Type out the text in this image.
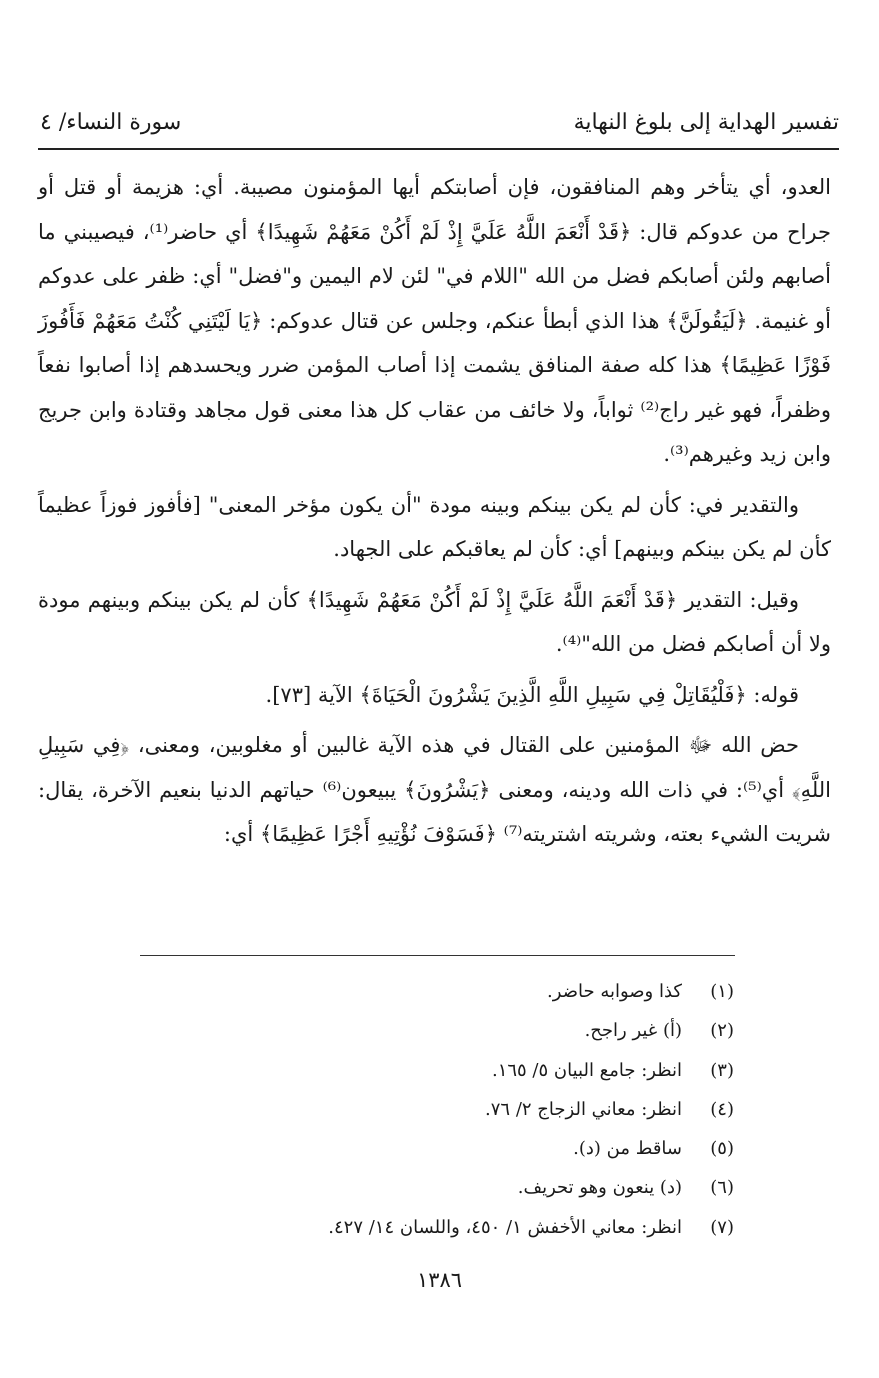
تفسير الهداية إلى بلوغ النهاية
سورة النساء/ ٤

العدو، أي يتأخر وهم المنافقون، فإن أصابتكم أيها المؤمنون مصيبة. أي: هزيمة أو قتل أو جراح من عدوكم قال: ﴿قَدْ أَنْعَمَ اللَّهُ عَلَيَّ إِذْ لَمْ أَكُنْ مَعَهُمْ شَهِيدًا﴾ أي حاضر⁽¹⁾، فيصيبني ما أصابهم ولئن أصابكم فضل من الله "اللام في" لئن لام اليمين و"فضل" أي: ظفر على عدوكم أو غنيمة. ﴿لَيَقُولَنَّ﴾ هذا الذي أبطأ عنكم، وجلس عن قتال عدوكم: ﴿يَا لَيْتَنِي كُنْتُ مَعَهُمْ فَأَفُوزَ فَوْزًا عَظِيمًا﴾ هذا كله صفة المنافق يشمت إذا أصاب المؤمن ضرر ويحسدهم إذا أصابوا نفعاً وظفراً، فهو غير راج⁽²⁾ ثواباً، ولا خائف من عقاب كل هذا معنى قول مجاهد وقتادة وابن جريج وابن زيد وغيرهم⁽³⁾.

والتقدير في: كأن لم يكن بينكم وبينه مودة "أن يكون مؤخر المعنى" [فأفوز فوزاً عظيماً كأن لم يكن بينكم وبينهم] أي: كأن لم يعاقبكم على الجهاد.

وقيل: التقدير ﴿قَدْ أَنْعَمَ اللَّهُ عَلَيَّ إِذْ لَمْ أَكُنْ مَعَهُمْ شَهِيدًا﴾ كأن لم يكن بينكم وبينهم مودة ولا أن أصابكم فضل من الله"⁽⁴⁾.

قوله: ﴿فَلْيُقَاتِلْ فِي سَبِيلِ اللَّهِ الَّذِينَ يَشْرُونَ الْحَيَاةَ﴾ الآية [٧٣].

حض الله ﷻ المؤمنين على القتال في هذه الآية غالبين أو مغلوبين، ومعنى، ﴿فِي سَبِيلِ اللَّهِ﴾ أي⁽⁵⁾: في ذات الله ودينه، ومعنى ﴿يَشْرُونَ﴾ يبيعون⁽⁶⁾ حياتهم الدنيا بنعيم الآخرة، يقال: شريت الشيء بعته، وشريته اشتريته⁽⁷⁾ ﴿فَسَوْفَ نُؤْتِيهِ أَجْرًا عَظِيمًا﴾ أي:

(١)
كذا وصوابه حاضر.
(٢)
(أ) غير راجح.
(٣)
انظر: جامع البيان ٥/ ١٦٥.
(٤)
انظر: معاني الزجاج ٢/ ٧٦.
(٥)
ساقط من (د).
(٦)
(د) ينعون وهو تحريف.
(٧)
انظر: معاني الأخفش ١/ ٤٥٠، واللسان ١٤/ ٤٢٧.
١٣٨٦
